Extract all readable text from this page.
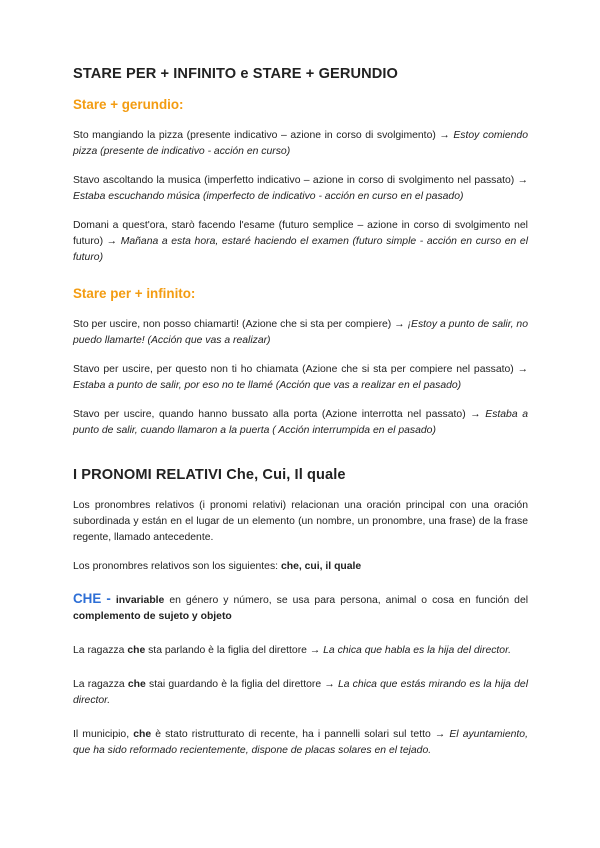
STARE PER + INFINITO e STARE + GERUNDIO
Stare + gerundio:

Sto mangiando la pizza (presente indicativo – azione in corso di svolgimento) → Estoy comiendo pizza (presente de indicativo - acción en curso)

Stavo ascoltando la musica (imperfetto indicativo – azione in corso di svolgimento nel passato) → Estaba escuchando música (imperfecto de indicativo - acción en curso en el pasado)

Domani a quest'ora, starò facendo l'esame (futuro semplice – azione in corso di svolgimento nel futuro) → Mañana a esta hora, estaré haciendo el examen (futuro simple - acción en curso en el futuro)

Stare per + infinito:

Sto per uscire, non posso chiamarti! (Azione che si sta per compiere) → ¡Estoy a punto de salir, no puedo llamarte! (Acción que vas a realizar)

Stavo per uscire, per questo non ti ho chiamata (Azione che si sta per compiere nel passato) → Estaba a punto de salir, por eso no te llamé (Acción que vas a realizar en el pasado)

Stavo per uscire, quando hanno bussato alla porta (Azione interrotta nel passato) → Estaba a punto de salir, cuando llamaron a la puerta ( Acción interrumpida en el pasado)

I PRONOMI RELATIVI Che, Cui, Il quale

Los pronombres relativos (i pronomi relativi) relacionan una oración principal con una oración subordinada y están en el lugar de un elemento (un nombre, un pronombre, una frase) de la frase regente, llamado antecedente.

Los pronombres relativos son los siguientes: che, cui, il quale

CHE - invariable en género y número, se usa para persona, animal o cosa en función del complemento de sujeto y objeto

La ragazza che sta parlando è la figlia del direttore → La chica que habla es la hija del director.

La ragazza che stai guardando è la figlia del direttore → La chica que estás mirando es la hija del director.

Il municipio, che è stato ristrutturato di recente, ha i pannelli solari sul tetto → El ayuntamiento, que ha sido reformado recientemente, dispone de placas solares en el tejado.
